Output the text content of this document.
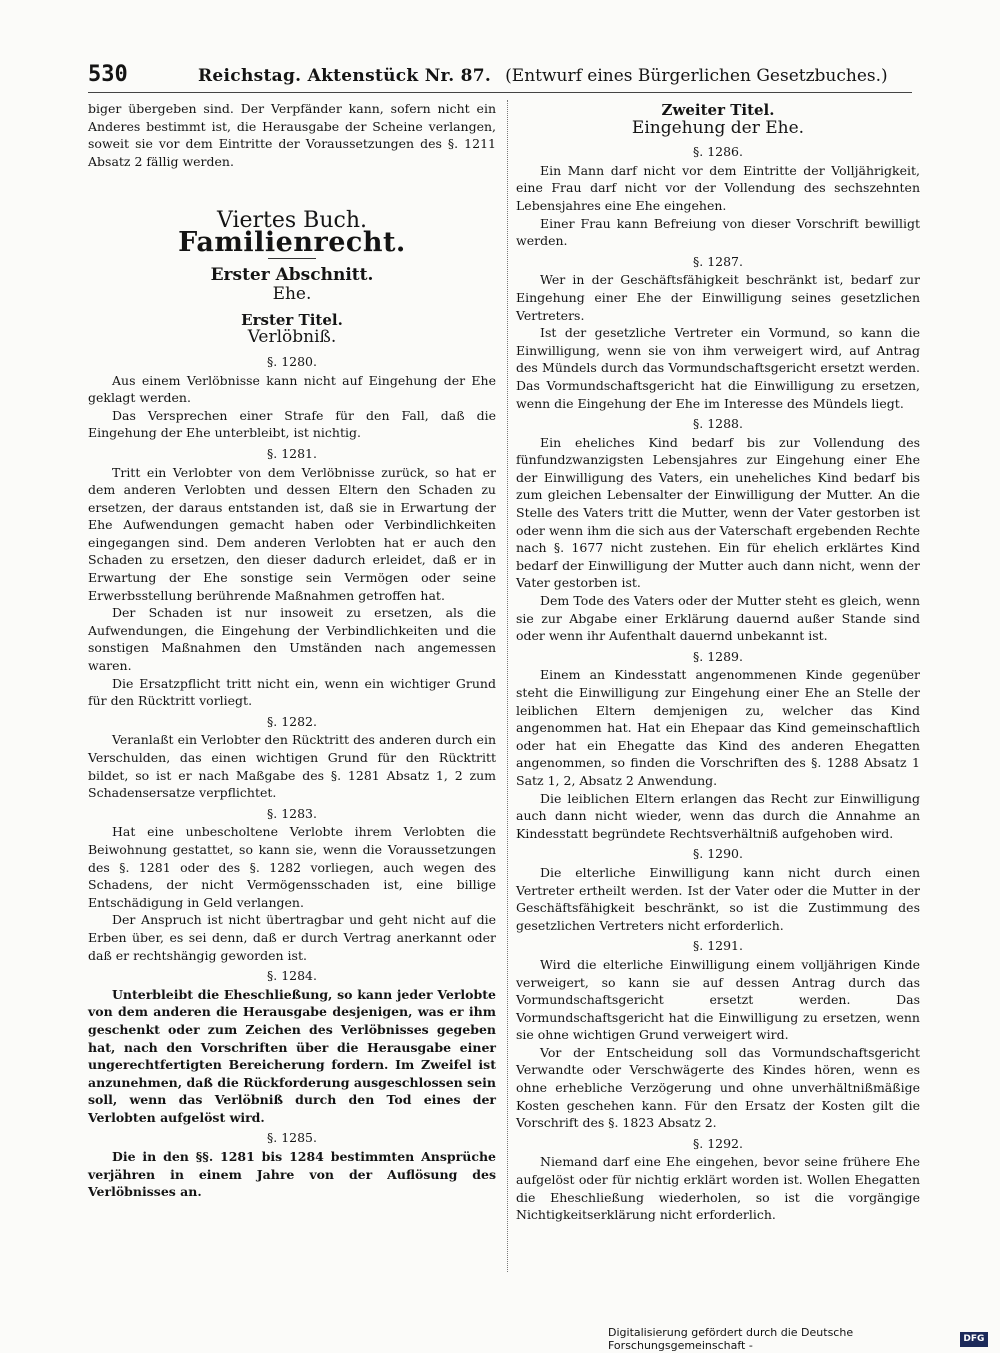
530	Reichstag. Aktenstück Nr. 87. (Entwurf eines Bürgerlichen Gesetzbuches.)

biger übergeben sind. Der Verpfänder kann, sofern nicht ein Anderes bestimmt ist, die Herausgabe der Scheine verlangen, soweit sie vor dem Eintritte der Voraussetzungen des §. 1211 Absatz 2 fällig werden.

Viertes Buch.
Familienrecht.
Erster Abschnitt.
Ehe.
Erster Titel.
Verlöbniß.
§. 1280.

Aus einem Verlöbnisse kann nicht auf Eingehung der Ehe geklagt werden.

Das Versprechen einer Strafe für den Fall, daß die Eingehung der Ehe unterbleibt, ist nichtig.

§. 1281.

Tritt ein Verlobter von dem Verlöbnisse zurück, so hat er dem anderen Verlobten und dessen Eltern den Schaden zu ersetzen, der daraus entstanden ist, daß sie in Erwartung der Ehe Aufwendungen gemacht haben oder Verbindlichkeiten eingegangen sind. Dem anderen Verlobten hat er auch den Schaden zu ersetzen, den dieser dadurch erleidet, daß er in Erwartung der Ehe sonstige sein Vermögen oder seine Erwerbsstellung berührende Maßnahmen getroffen hat.

Der Schaden ist nur insoweit zu ersetzen, als die Aufwendungen, die Eingehung der Verbindlichkeiten und die sonstigen Maßnahmen den Umständen nach angemessen waren.

Die Ersatzpflicht tritt nicht ein, wenn ein wichtiger Grund für den Rücktritt vorliegt.

§. 1282.

Veranlaßt ein Verlobter den Rücktritt des anderen durch ein Verschulden, das einen wichtigen Grund für den Rücktritt bildet, so ist er nach Maßgabe des §. 1281 Absatz 1, 2 zum Schadensersatze verpflichtet.

§. 1283.

Hat eine unbescholtene Verlobte ihrem Verlobten die Beiwohnung gestattet, so kann sie, wenn die Voraussetzungen des §. 1281 oder des §. 1282 vorliegen, auch wegen des Schadens, der nicht Vermögensschaden ist, eine billige Entschädigung in Geld verlangen.

Der Anspruch ist nicht übertragbar und geht nicht auf die Erben über, es sei denn, daß er durch Vertrag anerkannt oder daß er rechtshängig geworden ist.

§. 1284.

Unterbleibt die Eheschließung, so kann jeder Verlobte von dem anderen die Herausgabe desjenigen, was er ihm geschenkt oder zum Zeichen des Verlöbnisses gegeben hat, nach den Vorschriften über die Herausgabe einer ungerechtfertigten Bereicherung fordern. Im Zweifel ist anzunehmen, daß die Rückforderung ausgeschlossen sein soll, wenn das Verlöbniß durch den Tod eines der Verlobten aufgelöst wird.

§. 1285.

Die in den §§. 1281 bis 1284 bestimmten Ansprüche verjähren in einem Jahre von der Auflösung des Verlöbnisses an.

Zweiter Titel.
Eingehung der Ehe.
§. 1286.

Ein Mann darf nicht vor dem Eintritte der Volljährigkeit, eine Frau darf nicht vor der Vollendung des sechszehnten Lebensjahres eine Ehe eingehen.

Einer Frau kann Befreiung von dieser Vorschrift bewilligt werden.

§. 1287.

Wer in der Geschäftsfähigkeit beschränkt ist, bedarf zur Eingehung einer Ehe der Einwilligung seines gesetzlichen Vertreters.

Ist der gesetzliche Vertreter ein Vormund, so kann die Einwilligung, wenn sie von ihm verweigert wird, auf Antrag des Mündels durch das Vormundschaftsgericht ersetzt werden. Das Vormundschaftsgericht hat die Einwilligung zu ersetzen, wenn die Eingehung der Ehe im Interesse des Mündels liegt.

§. 1288.

Ein eheliches Kind bedarf bis zur Vollendung des fünfundzwanzigsten Lebensjahres zur Eingehung einer Ehe der Einwilligung des Vaters, ein uneheliches Kind bedarf bis zum gleichen Lebensalter der Einwilligung der Mutter. An die Stelle des Vaters tritt die Mutter, wenn der Vater gestorben ist oder wenn ihm die sich aus der Vaterschaft ergebenden Rechte nach §. 1677 nicht zustehen. Ein für ehelich erklärtes Kind bedarf der Einwilligung der Mutter auch dann nicht, wenn der Vater gestorben ist.

Dem Tode des Vaters oder der Mutter steht es gleich, wenn sie zur Abgabe einer Erklärung dauernd außer Stande sind oder wenn ihr Aufenthalt dauernd unbekannt ist.

§. 1289.

Einem an Kindesstatt angenommenen Kinde gegenüber steht die Einwilligung zur Eingehung einer Ehe an Stelle der leiblichen Eltern demjenigen zu, welcher das Kind angenommen hat. Hat ein Ehepaar das Kind gemeinschaftlich oder hat ein Ehegatte das Kind des anderen Ehegatten angenommen, so finden die Vorschriften des §. 1288 Absatz 1 Satz 1, 2, Absatz 2 Anwendung.

Die leiblichen Eltern erlangen das Recht zur Einwilligung auch dann nicht wieder, wenn das durch die Annahme an Kindesstatt begründete Rechtsverhältniß aufgehoben wird.

§. 1290.

Die elterliche Einwilligung kann nicht durch einen Vertreter ertheilt werden. Ist der Vater oder die Mutter in der Geschäftsfähigkeit beschränkt, so ist die Zustimmung des gesetzlichen Vertreters nicht erforderlich.

§. 1291.

Wird die elterliche Einwilligung einem volljährigen Kinde verweigert, so kann sie auf dessen Antrag durch das Vormundschaftsgericht ersetzt werden. Das Vormundschaftsgericht hat die Einwilligung zu ersetzen, wenn sie ohne wichtigen Grund verweigert wird.

Vor der Entscheidung soll das Vormundschaftsgericht Verwandte oder Verschwägerte des Kindes hören, wenn es ohne erhebliche Verzögerung und ohne unverhältnißmäßige Kosten geschehen kann. Für den Ersatz der Kosten gilt die Vorschrift des §. 1823 Absatz 2.

§. 1292.

Niemand darf eine Ehe eingehen, bevor seine frühere Ehe aufgelöst oder für nichtig erklärt worden ist. Wollen Ehegatten die Eheschließung wiederholen, so ist die vorgängige Nichtigkeitserklärung nicht erforderlich.

Digitalisierung gefördert durch die Deutsche Forschungsgemeinschaft -	DFG
